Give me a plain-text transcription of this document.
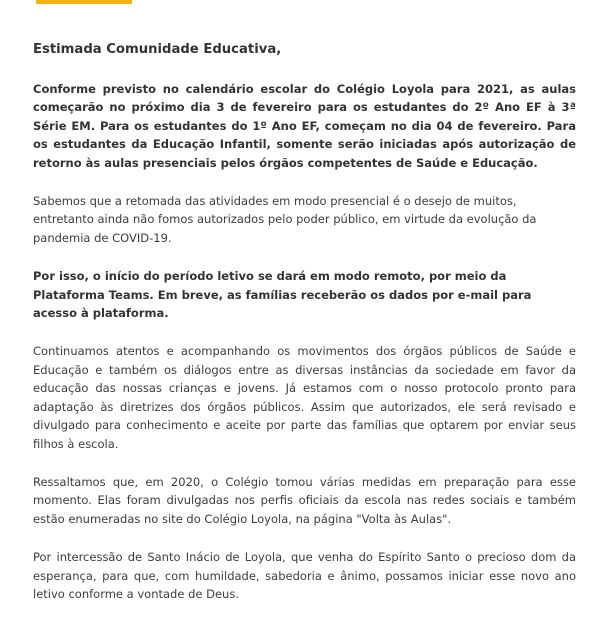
Estimada Comunidade Educativa,

Conforme previsto no calendário escolar do Colégio Loyola para 2021, as aulas começarão no próximo dia 3 de fevereiro para os estudantes do 2º Ano EF à 3ª Série EM. Para os estudantes do 1º Ano EF, começam no dia 04 de fevereiro. Para os estudantes da Educação Infantil, somente serão iniciadas após autorização de retorno às aulas presenciais pelos órgãos competentes de Saúde e Educação.

Sabemos que a retomada das atividades em modo presencial é o desejo de muitos, entretanto ainda não fomos autorizados pelo poder público, em virtude da evolução da pandemia de COVID-19.

Por isso, o início do período letivo se dará em modo remoto, por meio da Plataforma Teams. Em breve, as famílias receberão os dados por e-mail para acesso à plataforma.

Continuamos atentos e acompanhando os movimentos dos órgãos públicos de Saúde e Educação e também os diálogos entre as diversas instâncias da sociedade em favor da educação das nossas crianças e jovens. Já estamos com o nosso protocolo pronto para adaptação às diretrizes dos órgãos públicos. Assim que autorizados, ele será revisado e divulgado para conhecimento e aceite por parte das famílias que optarem por enviar seus filhos à escola.

Ressaltamos que, em 2020, o Colégio tomou várias medidas em preparação para esse momento. Elas foram divulgadas nos perfis oficiais da escola nas redes sociais e também estão enumeradas no site do Colégio Loyola, na página "Volta às Aulas".

Por intercessão de Santo Inácio de Loyola, que venha do Espírito Santo o precioso dom da esperança, para que, com humildade, sabedoria e ânimo, possamos iniciar esse novo ano letivo conforme a vontade de Deus.
